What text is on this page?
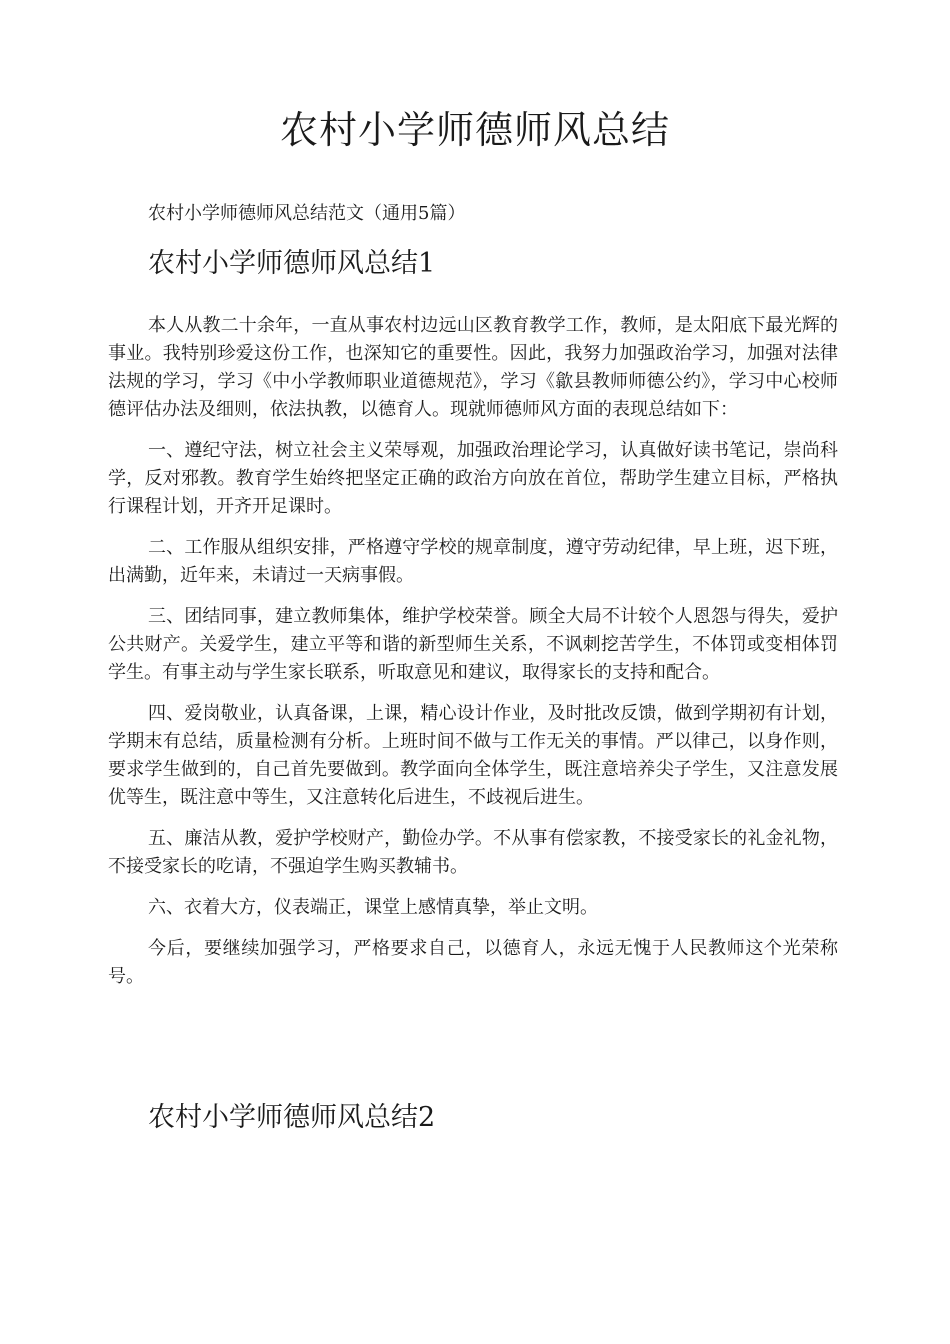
农村小学师德师风总结

农村小学师德师风总结范文（通用5篇）

农村小学师德师风总结1

本人从教二十余年，一直从事农村边远山区教育教学工作，教师，是太阳底下最光辉的事业。我特别珍爱这份工作，也深知它的重要性。因此，我努力加强政治学习，加强对法律法规的学习，学习《中小学教师职业道德规范》，学习《歙县教师师德公约》，学习中心校师德评估办法及细则，依法执教，以德育人。现就师德师风方面的表现总结如下：

一、遵纪守法，树立社会主义荣辱观，加强政治理论学习，认真做好读书笔记，崇尚科学，反对邪教。教育学生始终把坚定正确的政治方向放在首位，帮助学生建立目标，严格执行课程计划，开齐开足课时。

二、工作服从组织安排，严格遵守学校的规章制度，遵守劳动纪律，早上班，迟下班，出满勤，近年来，未请过一天病事假。

三、团结同事，建立教师集体，维护学校荣誉。顾全大局不计较个人恩怨与得失，爱护公共财产。关爱学生，建立平等和谐的新型师生关系，不讽刺挖苦学生，不体罚或变相体罚学生。有事主动与学生家长联系，听取意见和建议，取得家长的支持和配合。

四、爱岗敬业，认真备课，上课，精心设计作业，及时批改反馈，做到学期初有计划，学期末有总结，质量检测有分析。上班时间不做与工作无关的事情。严以律己，以身作则，要求学生做到的，自己首先要做到。教学面向全体学生，既注意培养尖子学生，又注意发展优等生，既注意中等生，又注意转化后进生，不歧视后进生。

五、廉洁从教，爱护学校财产，勤俭办学。不从事有偿家教，不接受家长的礼金礼物，不接受家长的吃请，不强迫学生购买教辅书。

六、衣着大方，仪表端正，课堂上感情真挚，举止文明。

今后，要继续加强学习，严格要求自己，以德育人，永远无愧于人民教师这个光荣称号。

农村小学师德师风总结2
